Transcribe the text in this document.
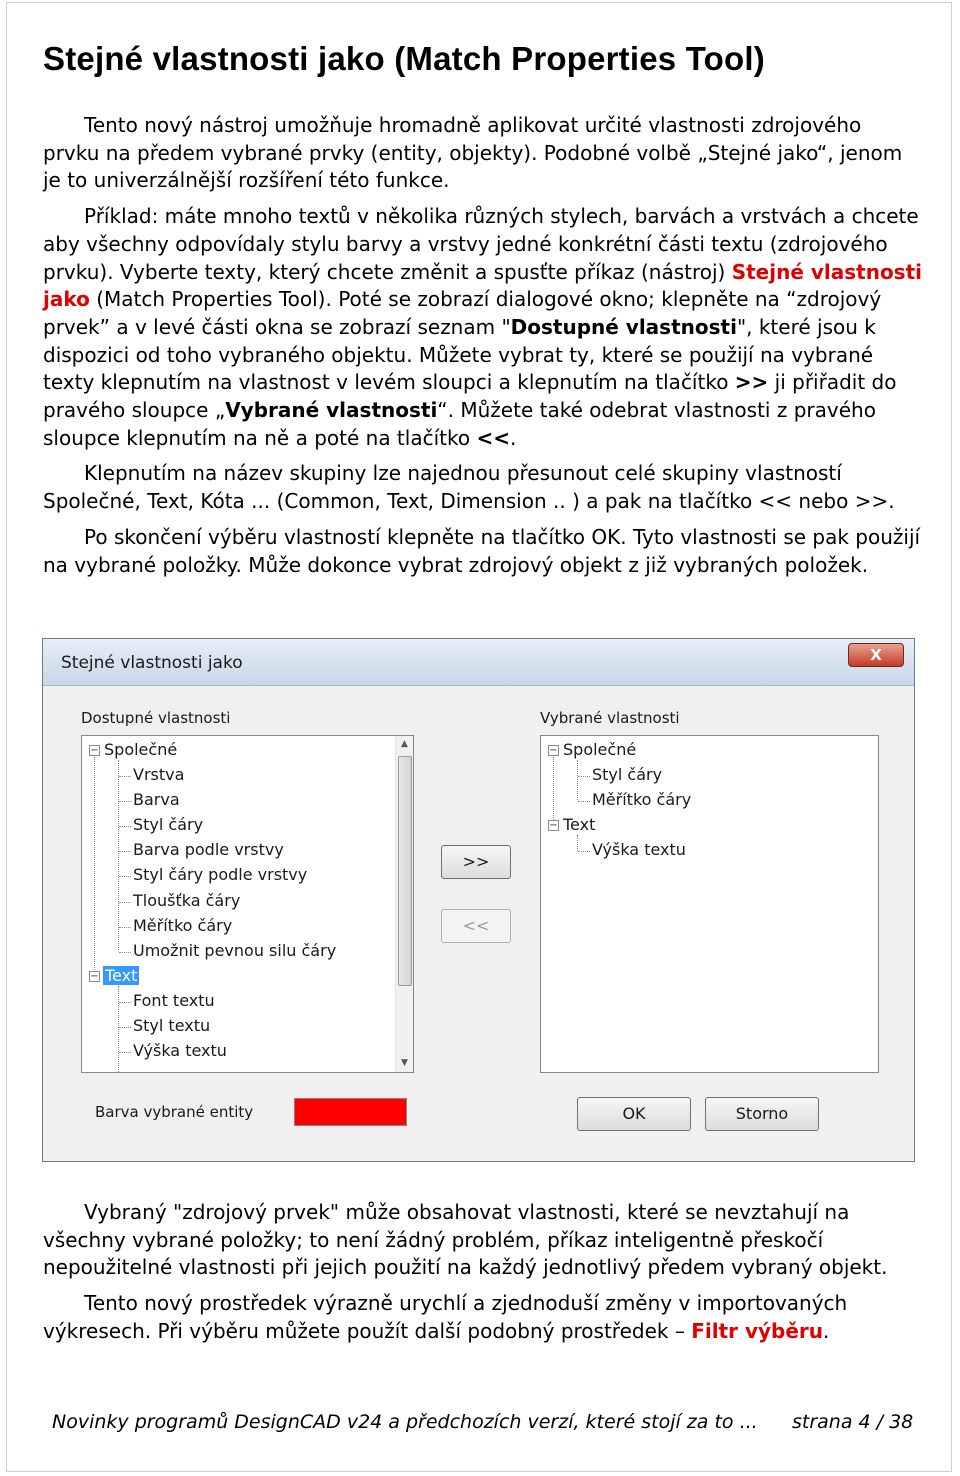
Stejné vlastnosti jako (Match Properties Tool)

Tento nový nástroj umožňuje hromadně aplikovat určité vlastnosti zdrojového prvku na předem vybrané prvky (entity, objekty). Podobné volbě „Stejné jako“, jenom je to univerzálnější rozšíření této funkce.

Příklad: máte mnoho textů v několika různých stylech, barvách a vrstvách a chcete aby všechny odpovídaly stylu barvy a vrstvy jedné konkrétní části textu (zdrojového prvku). Vyberte texty, který chcete změnit a spusťte příkaz (nástroj) Stejné vlastnosti jako (Match Properties Tool). Poté se zobrazí dialogové okno; klepněte na “zdrojový prvek” a v levé části okna se zobrazí seznam "Dostupné vlastnosti", které jsou k dispozici od toho vybraného objektu. Můžete vybrat ty, které se použijí na vybrané texty klepnutím na vlastnost v levém sloupci a klepnutím na tlačítko >> ji přiřadit do pravého sloupce „Vybrané vlastnosti“. Můžete také odebrat vlastnosti z pravého sloupce klepnutím na ně a poté na tlačítko <<.

Klepnutím na název skupiny lze najednou přesunout celé skupiny vlastností Společné, Text, Kóta ... (Common, Text, Dimension .. ) a pak na tlačítko << nebo >>.

Po skončení výběru vlastností klepněte na tlačítko OK. Tyto vlastnosti se pak použijí na vybrané položky. Může dokonce vybrat zdrojový objekt z již vybraných položek.

Stejné vlastnosti jako	X
Dostupné vlastnosti	Vybrané vlastnosti
− Společné
Vrstva
Barva
Styl čáry
Barva podle vrstvy
Styl čáry podle vrstvy
Tloušťka čáry
Měřítko čáry
Umožnit pevnou silu čáry
− Text
Font textu
Styl textu
Výška textu
▲
▼
>>
<<
− Společné
Styl čáry
Měřítko čáry
− Text
Výška textu
Barva vybrané entity	OK	Storno

Vybraný "zdrojový prvek" může obsahovat vlastnosti, které se nevztahují na všechny vybrané položky; to není žádný problém, příkaz inteligentně přeskočí nepoužitelné vlastnosti při jejich použití na každý jednotlivý předem vybraný objekt.

Tento nový prostředek výrazně urychlí a zjednoduší změny v importovaných výkresech. Při výběru můžete použít další podobný prostředek – Filtr výběru.

Novinky programů DesignCAD v24 a předchozích verzí, které stojí za to ... strana 4 / 38
